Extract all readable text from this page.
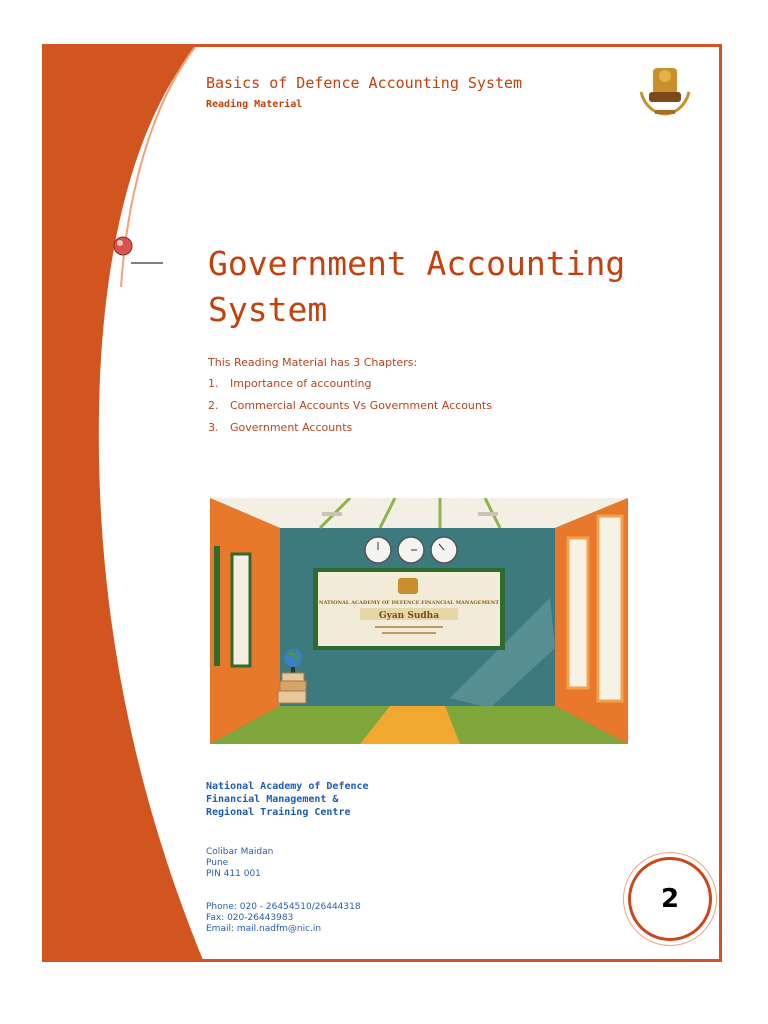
Basics of Defence Accounting System
Reading Material
Government Accounting
System

This Reading Material has 3 Chapters:

1.	Importance of accounting
2.	Commercial Accounts Vs Government Accounts
3.	Government Accounts
NATIONAL ACADEMY OF DEFENCE FINANCIAL MANAGEMENT
Gyan Sudha
National Academy of Defence
Financial Management &
Regional Training Centre
Colibar Maidan
Pune
PIN 411 001
Phone: 020 - 26454510/26444318
Fax: 020-26443983
Email: mail.nadfm@nic.in
2
